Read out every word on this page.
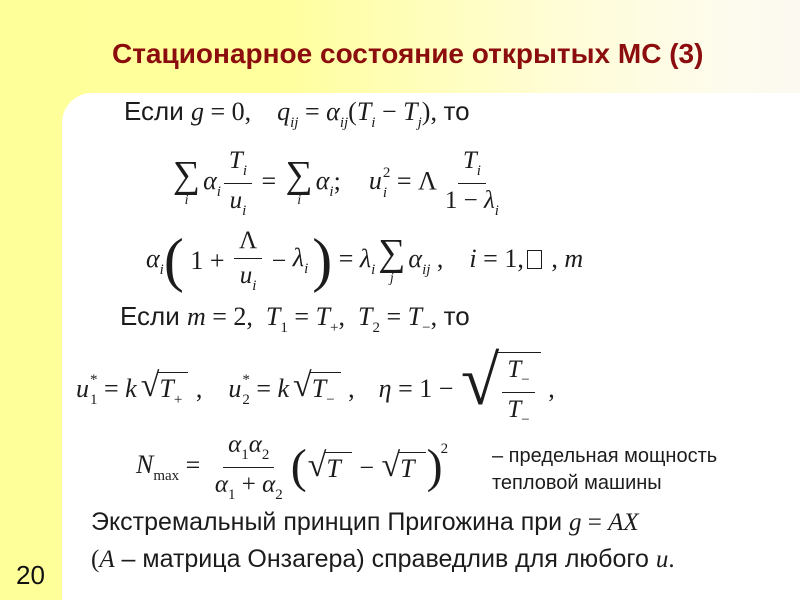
Стационарное состояние открытых МС (3)
Если g = 0, $q_{ij} = \alpha_{ij}(T_i - T_j)$, то
∑
i
$\alpha_i \frac{T_i}{u_i}$ = ∑
i
$\alpha_i$; u 2
i = Λ $\frac{T_i}{1 - \lambda_i}$
$\alpha_i$ ( $1 + \frac{\Lambda}{u_i} - \lambda_i$ ) = $\lambda_i$ ∑
j
$\alpha_{ij}$ , i = 1, , m
Если m = 2,  $T_1 = T_+$,  $T_2 = T_-$, то
u *
1 = k √ $T_+$ , u *
2 = k √ $T_-$ , η = 1 − √ $\frac{T_-}{T_-}$ ,
$N_{max} = \frac{\alpha_1\alpha_2}{\alpha_1 + \alpha_2}$ ( √ T − √ T )
$^2$ – предельная мощность
тепловой машины
Экстремальный принцип Пригожина при g = AX
(A – матрица Онзагера) справедлив для любого u.
20
